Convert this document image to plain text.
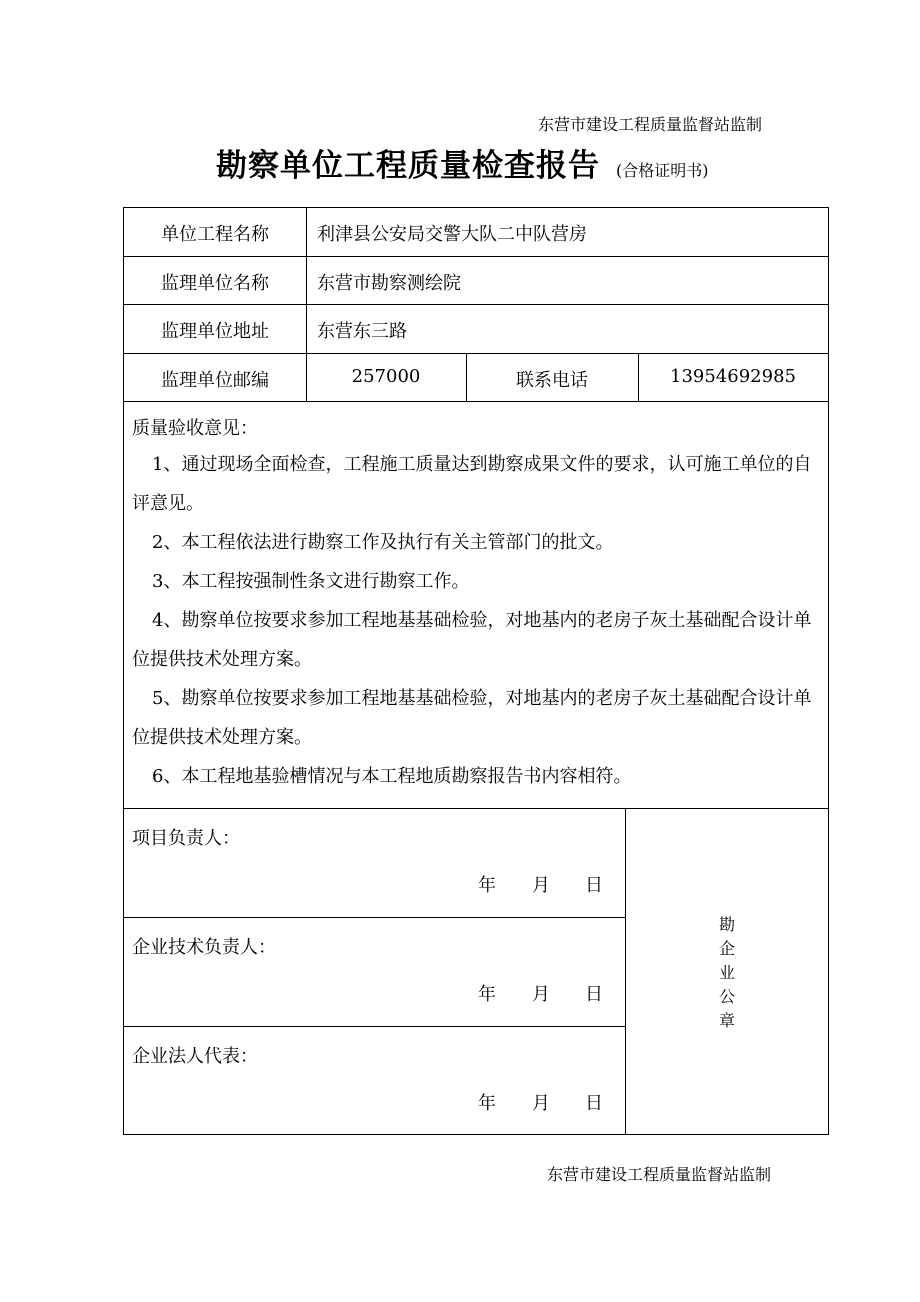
东营市建设工程质量监督站监制
勘察单位工程质量检查报告 (合格证明书)
单位工程名称	利津县公安局交警大队二中队营房
监理单位名称	东营市勘察测绘院
监理单位地址	东营东三路
监理单位邮编	257000	联系电话	13954692985
质量验收意见：
1、通过现场全面检查，工程施工质量达到勘察成果文件的要求，认可施工单位的自评意见。
2、本工程依法进行勘察工作及执行有关主管部门的批文。
3、本工程按强制性条文进行勘察工作。
4、勘察单位按要求参加工程地基基础检验，对地基内的老房子灰土基础配合设计单位提供技术处理方案。
5、勘察单位按要求参加工程地基基础检验，对地基内的老房子灰土基础配合设计单位提供技术处理方案。
6、本工程地基验槽情况与本工程地质勘察报告书内容相符。
项目负责人：
年 月 日
企业技术负责人：
年 月 日
企业法人代表：
年 月 日
勘
企
业
公
章
东营市建设工程质量监督站监制
